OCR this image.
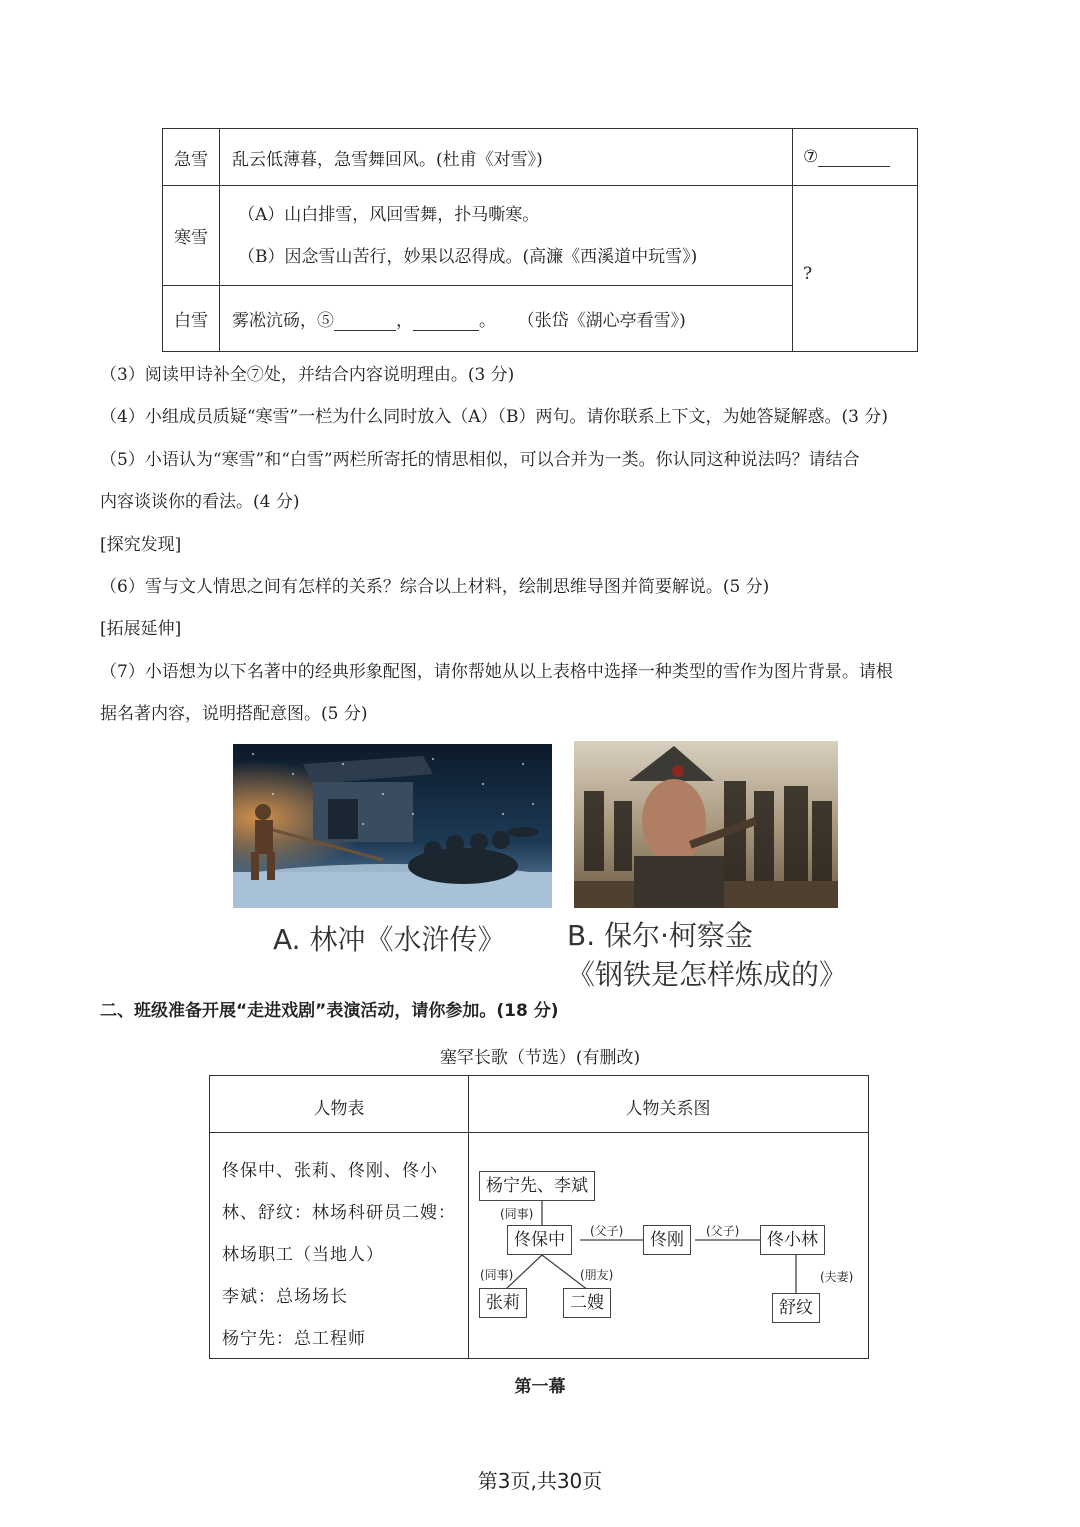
急雪	乱云低薄暮，急雪舞回风。(杜甫《对雪》)	⑦
寒雪	（A）山白排雪，风回雪舞，扑马嘶寒。
（B）因念雪山苦行，妙果以忍得成。(高濂《西溪道中玩雪》)	?
白雪	雾凇沆砀，⑤ ， 。 （张岱《湖心亭看雪》)	
（3）阅读甲诗补全⑦处，并结合内容说明理由。(3 分)
（4）小组成员质疑“寒雪”一栏为什么同时放入（A）（B）两句。请你联系上下文，为她答疑解惑。(3 分)
（5）小语认为“寒雪”和“白雪”两栏所寄托的情思相似，可以合并为一类。你认同这种说法吗？请结合
内容谈谈你的看法。(4 分)
[探究发现]
（6）雪与文人情思之间有怎样的关系？综合以上材料，绘制思维导图并简要解说。(5 分)
[拓展延伸]
（7）小语想为以下名著中的经典形象配图，请你帮她从以上表格中选择一种类型的雪作为图片背景。请根
据名著内容，说明搭配意图。(5 分)
A. 林冲《水浒传》 B. 保尔·柯察金
《钢铁是怎样炼成的》
二、班级准备开展“走进戏剧”表演活动，请你参加。(18 分)
塞罕长歌（节选）(有删改)
人物表	人物关系图
佟保中、张莉、佟刚、佟小
林、舒纹：林场科研员二嫂：
林场职工（当地人）
李斌：总场场长
杨宁先：总工程师
杨宁先、李斌
(同事)
佟保中	(父子)	佟刚	(父子)	佟小林
(同事)	(朋友)	(夫妻)
张莉	二嫂	舒纹
第一幕
第3页,共30页
